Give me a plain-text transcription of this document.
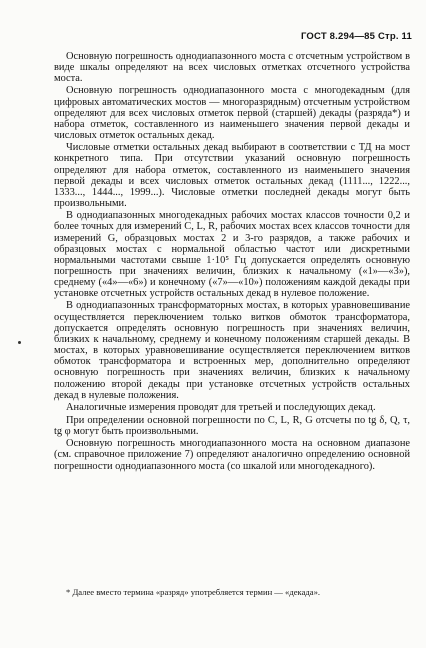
ГОСТ 8.294—85 Стр. 11

Основную погрешность однодиапазонного моста с отсчетным устройством в виде шкалы определяют на всех числовых отметках отсчетного устройства моста.

Основную погрешность однодиапазонного моста с многодекадным (для цифровых автоматических мостов — многоразрядным) отсчетным устройством определяют для всех числовых отметок первой (старшей) декады (разряда*) и набора отметок, составленного из наименьшего значения первой декады и числовых отметок остальных декад.

Числовые отметки остальных декад выбирают в соответствии с ТД на мост конкретного типа. При отсутствии указаний основную погрешность определяют для набора отметок, составленного из наименьшего значения первой декады и всех числовых отметок остальных декад (1111..., 1222..., 1333..., 1444..., 1999...). Числовые отметки последней декады могут быть произвольными.

В однодиапазонных многодекадных рабочих мостах классов точности 0,2 и более точных для измерений C, L, R, рабочих мостах всех классов точности для измерений G, образцовых мостах 2 и 3-го разрядов, а также рабочих и образцовых мостах с нормальной областью частот или дискретными нормальными частотами свыше 1·10⁵ Гц допускается определять основную погрешность при значениях величин, близких к начальному («1»—«3»), среднему («4»—«6») и конечному («7»—«10») положениям каждой декады при установке отсчетных устройств остальных декад в нулевое положение.

В однодиапазонных трансформаторных мостах, в которых уравновешивание осуществляется переключением только витков обмоток трансформатора, допускается определять основную погрешность при значениях величин, близких к начальному, среднему и конечному положениям старшей декады. В мостах, в которых уравновешивание осуществляется переключением витков обмоток трансформатора и встроенных мер, дополнительно определяют основную погрешность при значениях величин, близких к начальному положению второй декады при установке отсчетных устройств остальных декад в нулевые положения.

Аналогичные измерения проводят для третьей и последующих декад.

При определении основной погрешности по C, L, R, G отсчеты по tg δ, Q, τ, tg φ могут быть произвольными.

Основную погрешность многодиапазонного моста на основном диапазоне (см. справочное приложение 7) определяют аналогично определению основной погрешности однодиапазонного моста (со шкалой или многодекадного).

* Далее вместо термина «разряд» употребляется термин — «декада».
